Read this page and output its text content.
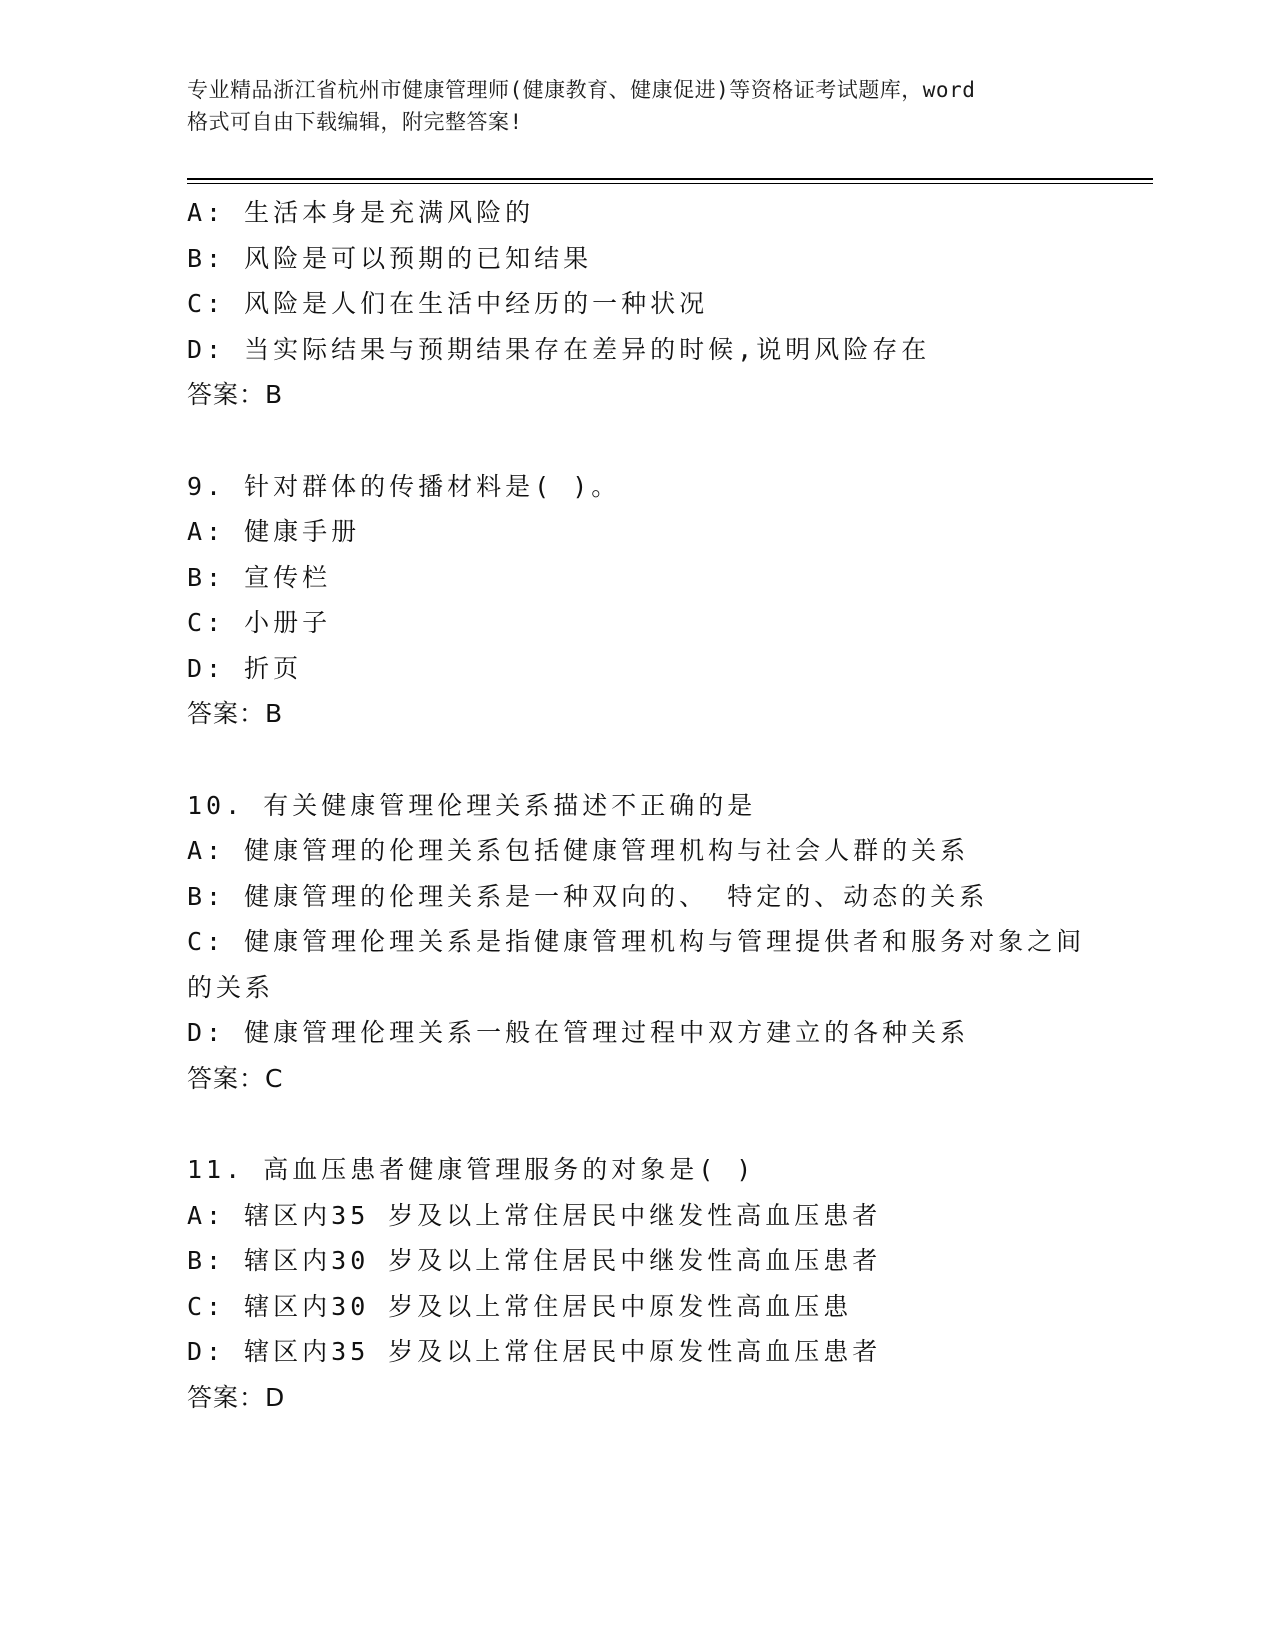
专业精品浙江省杭州市健康管理师(健康教育、健康促进)等资格证考试题库，word
格式可自由下载编辑，附完整答案!
A: 生活本身是充满风险的
B: 风险是可以预期的已知结果
C: 风险是人们在生活中经历的一种状况
D: 当实际结果与预期结果存在差异的时候,说明风险存在
答案：B
9. 针对群体的传播材料是( )。
A: 健康手册
B: 宣传栏
C: 小册子
D: 折页
答案：B
10. 有关健康管理伦理关系描述不正确的是
A: 健康管理的伦理关系包括健康管理机构与社会人群的关系
B: 健康管理的伦理关系是一种双向的、 特定的、动态的关系
C: 健康管理伦理关系是指健康管理机构与管理提供者和服务对象之间
的关系
D: 健康管理伦理关系一般在管理过程中双方建立的各种关系
答案：C
11. 高血压患者健康管理服务的对象是( )
A: 辖区内35 岁及以上常住居民中继发性高血压患者
B: 辖区内30 岁及以上常住居民中继发性高血压患者
C: 辖区内30 岁及以上常住居民中原发性高血压患
D: 辖区内35 岁及以上常住居民中原发性高血压患者
答案：D
